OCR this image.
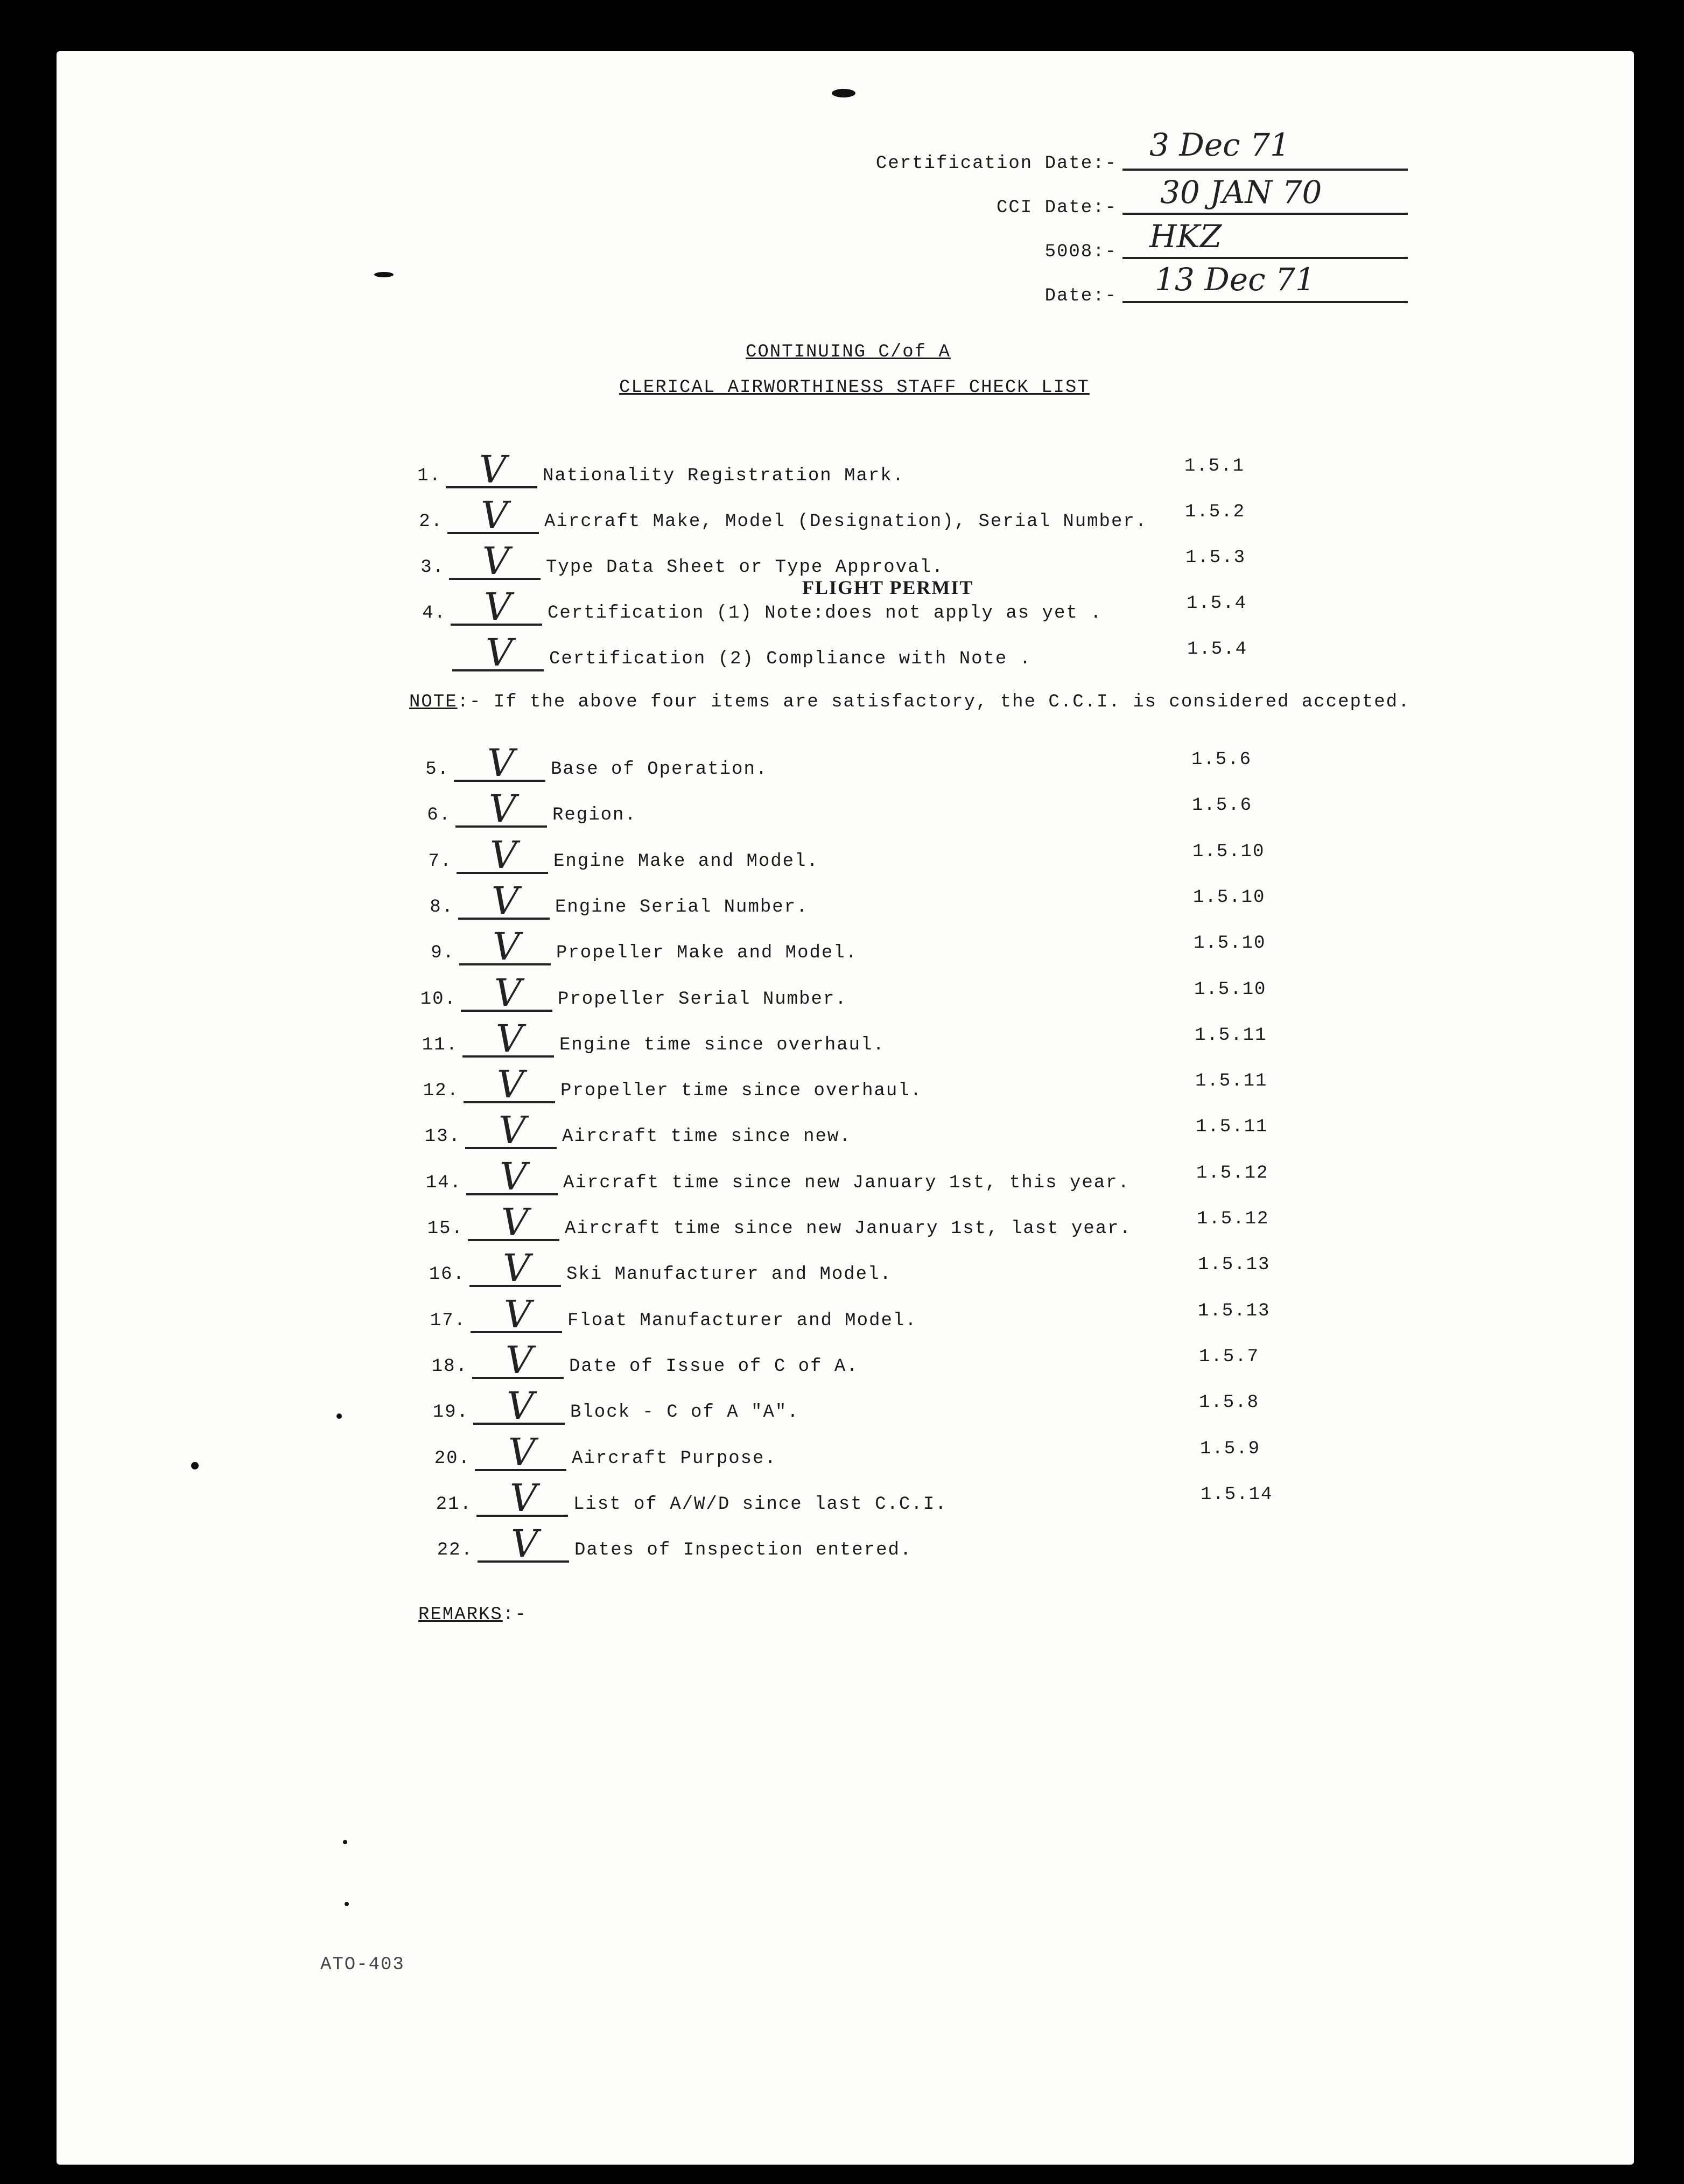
Certification Date:-
3 Dec 71
CCI Date:- 30 JAN 70
5008:- HKZ
Date:- 13 Dec 71
CONTINUING C/of A
CLERICAL AIRWORTHINESS STAFF CHECK LIST
FLIGHT PERMIT
1. V Nationality Registration Mark.	1.5.1
2. V Aircraft Make, Model (Designation), Serial Number. 1.5.2
3. V Type Data Sheet or Type Approval.	1.5.3
4. V Certification (1) Note:does not apply as yet .	1.5.4
V Certification (2) Compliance with Note .	1.5.4
NOTE:- If the above four items are satisfactory, the C.C.I. is considered accepted.
5. V Base of Operation.	1.5.6
6. V Region.	1.5.6
7. V Engine Make and Model.	1.5.10
8. V Engine Serial Number.	1.5.10
9. V Propeller Make and Model.	1.5.10
10. V Propeller Serial Number.	1.5.10
11. V Engine time since overhaul.	1.5.11
12. V Propeller time since overhaul.	1.5.11
13. V Aircraft time since new.	1.5.11
14. V Aircraft time since new January 1st, this year.	1.5.12
15. V Aircraft time since new January 1st, last year.	1.5.12
16. V Ski Manufacturer and Model.	1.5.13
17. V Float Manufacturer and Model.	1.5.13
18. V Date of Issue of C of A.	1.5.7
19. V Block - C of A "A".	1.5.8
20. V Aircraft Purpose.	1.5.9
21. V List of A/W/D since last C.C.I.	1.5.14
22. V Dates of Inspection entered.
REMARKS:-
ATO-403
